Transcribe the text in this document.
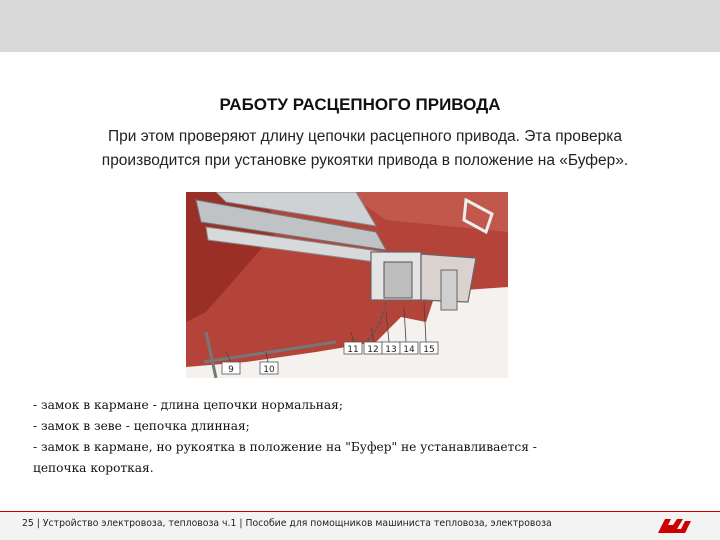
РАБОТУ РАСЦЕПНОГО ПРИВОДА
При этом проверяют длину цепочки расцепного привода. Эта проверка
производится при установке рукоятки привода в положение на «Буфер».
9	10
11 12 13 14 15
- замок в кармане - длина цепочки нормальная;
- замок в зеве - цепочка длинная;
- замок в кармане, но рукоятка в положение на "Буфер" не устанавливается -
цепочка короткая.
25 | Устройство электровоза, тепловоза ч.1 | Пособие для помощников машиниста тепловоза, электровоза
